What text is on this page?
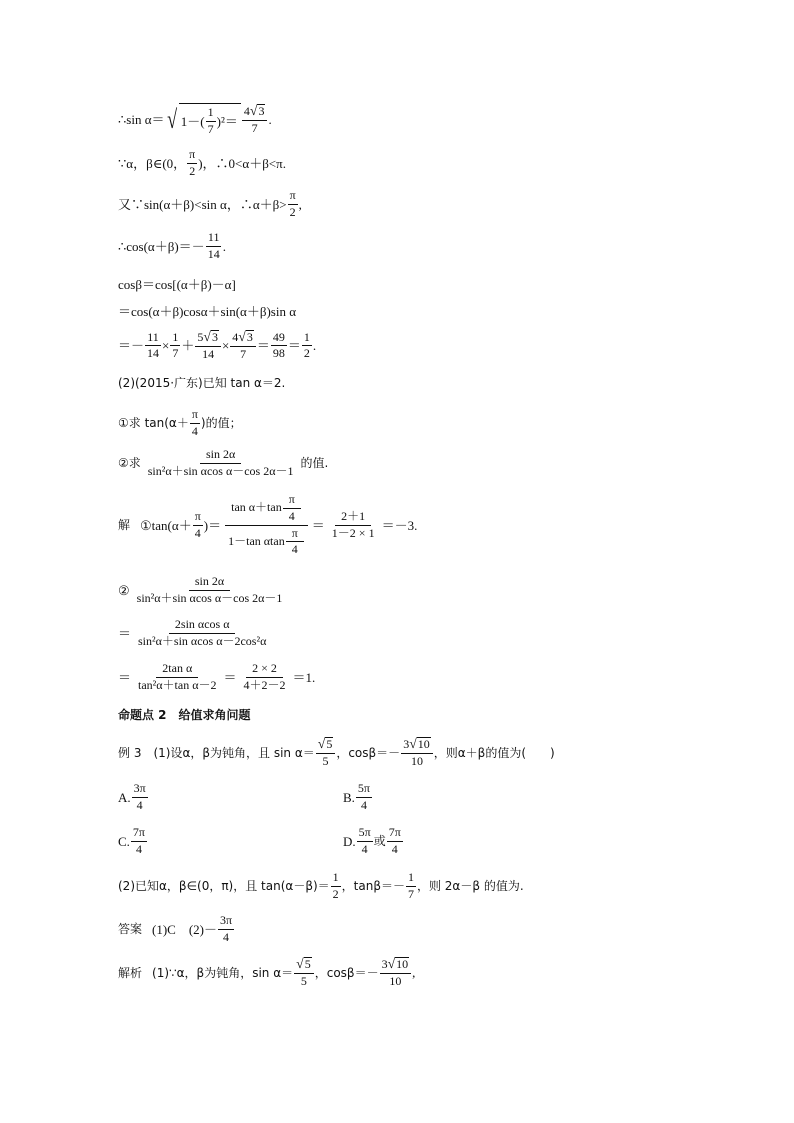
∴sin α＝ √ $1-( \frac{1}{7} )^2= \frac{4 √ 3}{7}$ .
∵α，β∈(0， $\frac{\pi}{2}$ )，∴0<α＋β<π.
又∵sin(α＋β)<sin α，∴α＋β> $\frac{\pi}{2}$ ,
∴cos(α＋β)＝－ $\frac{11}{14}$ .
cosβ＝cos[(α＋β)－α]
＝cos(α＋β)cosα＋sin(α＋β)sin α
＝－ $\frac{11}{14} \times \frac{1}{7} + \frac{5 √ 3}{14} \times \frac{4 √ 3}{7} = \frac{49}{98} = \frac{1}{2}$ .
(2)(2015·广东)已知 tan α＝2.
①求 $\tan(\alpha+ \frac{\pi}{4}$ )的值；
②求 $\frac{\sin 2\alpha}{\text{sin²α＋sin αcos α－cos 2α－1}}$ 的值.
解 ①tan(α＋ $\frac{\pi}{4}$ )＝ $\frac{\tan \alpha+\tan \frac{\pi}{4}}{1-\tan \alpha\tan \frac{\pi}{4}} = \frac{2+1}{1-2 \times 1} =-3$.
② $\frac{\sin 2\alpha}{\text{sin²α＋sin αcos α－cos 2α－1}}$
＝ $\frac{\text{2sin αcos α}}{\text{sin²α＋sin αcos α－2cos²α}}$
＝ $\frac{\text{2tan α}}{\text{tan²α＋tan α－2}} = \frac{2 \times 2}{4+2-2} =1$.
命题点 2　给值求角问题
例 3　(1)设α，β为钝角，且 $\sin \alpha= \frac{√ 5}{5}$ ，$\cos\beta=- \frac{3 √ 10}{10}$ ，则α＋β的值为(　　)
A. $\frac{3\pi}{4}$	B. $\frac{5\pi}{4}$
C. $\frac{7\pi}{4}$	D. $\frac{5\pi}{4}$ 或 $\frac{7\pi}{4}$
(2)已知α，β∈(0，π)，且 $\tan(\alpha-\beta)= \frac{1}{2}$ ，$\tan\beta=- \frac{1}{7}$ ，则 2α－β 的值为.
答案 (1)C　$(2)- \frac{3\pi}{4}$
解析 (1)∵α，β为钝角，$\sin \alpha= \frac{√ 5}{5}$ ，$\cos\beta=- \frac{3 √ 10}{10}$ ,
